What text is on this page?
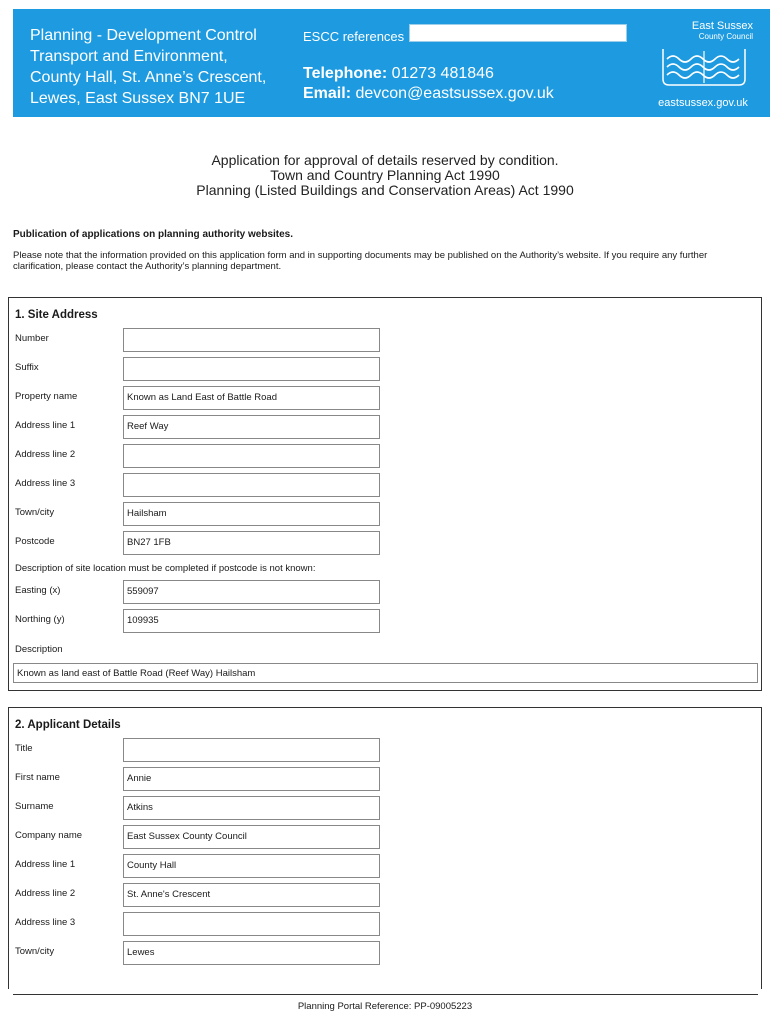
Planning - Development Control
Transport and Environment,
County Hall, St. Anne’s Crescent,
Lewes, East Sussex BN7 1UE
ESCC references
Telephone: 01273 481846
Email: devcon@eastsussex.gov.uk
East Sussex
County Council
eastsussex.gov.uk
Application for approval of details reserved by condition.
Town and Country Planning Act 1990
Planning (Listed Buildings and Conservation Areas) Act 1990
Publication of applications on planning authority websites.
Please note that the information provided on this application form and in supporting documents may be published on the Authority’s website. If you require any further clarification, please contact the Authority’s planning department.
1. Site Address
Number
Suffix
Property name	Known as Land East of Battle Road
Address line 1	Reef Way
Address line 2
Address line 3
Town/city	Hailsham
Postcode	BN27 1FB
Description of site location must be completed if postcode is not known:
Easting (x)	559097
Northing (y)	109935
Description
Known as land east of Battle Road (Reef Way) Hailsham
2. Applicant Details
Title
First name	Annie
Surname	Atkins
Company name	East Sussex County Council
Address line 1	County Hall
Address line 2	St. Anne's Crescent
Address line 3
Town/city	Lewes
Planning Portal Reference: PP-09005223
